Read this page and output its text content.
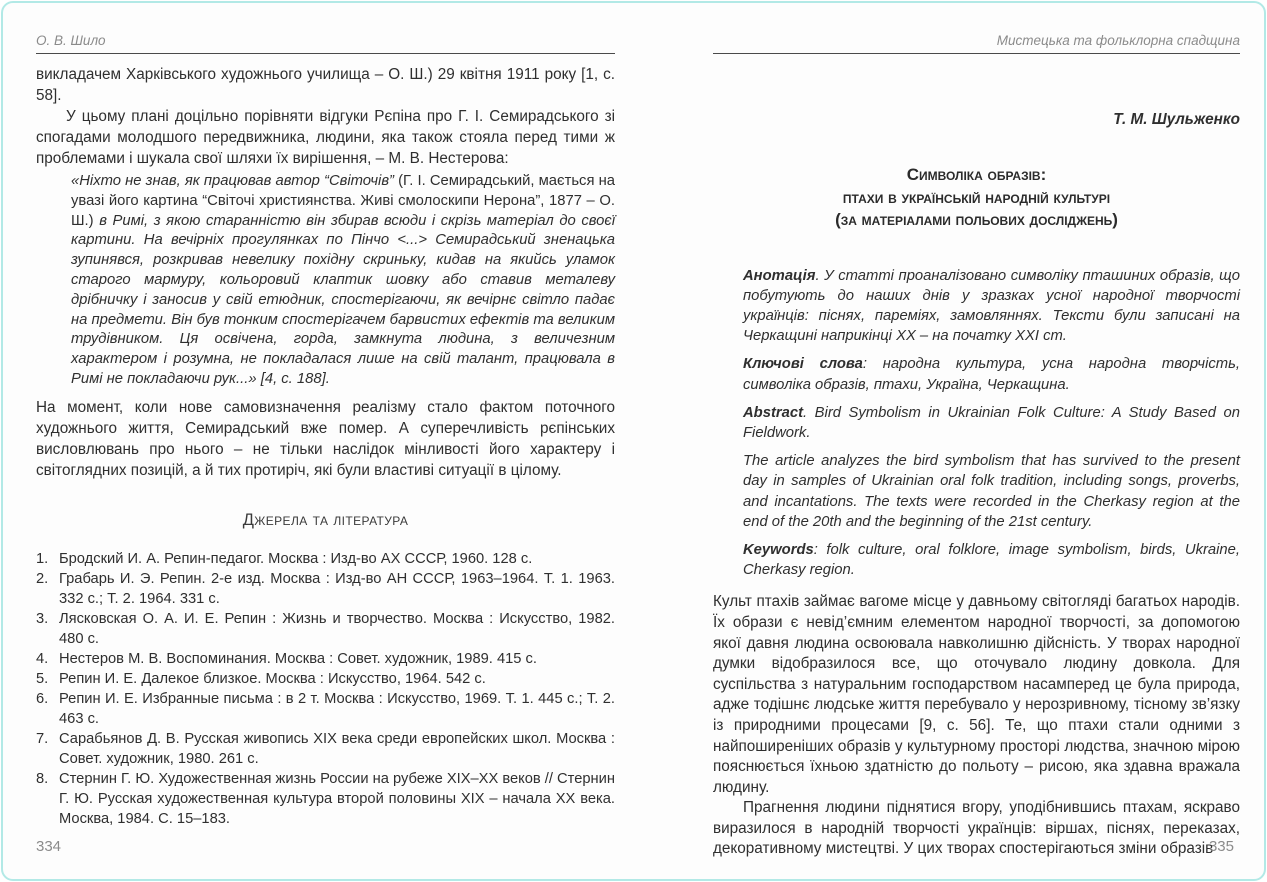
О. В. Шило

викладачем Харківського художнього училища – О. Ш.) 29 квітня 1911 року [1, с. 58].

У цьому плані доцільно порівняти відгуки Рєпіна про Г. І. Семирадського зі спогадами молодшого передвижника, людини, яка також стояла перед тими ж проблемами і шукала свої шляхи їх вирішення, – М. В. Нестерова:

«Ніхто не знав, як працював автор “Світочів” (Г. І. Семирадський, мається на увазі його картина “Світочі християнства. Живі смолоскипи Нерона”, 1877 – О. Ш.) в Римі, з якою старанністю він збирав всюди і скрізь матеріал до своєї картини. На вечірніх прогулянках по Пінчо <...> Семирадський зненацька зупинявся, розкривав невелику похідну скриньку, кидав на якийсь уламок старого мармуру, кольоровий клаптик шовку або ставив металеву дрібничку і заносив у свій етюдник, спостерігаючи, як вечірнє світло падає на предмети. Він був тонким спостерігачем барвистих ефектів та великим трудівником. Ця освічена, горда, замкнута людина, з величезним характером і розумна, не покладалася лише на свій талант, працювала в Римі не покладаючи рук...» [4, с. 188].

На момент, коли нове самовизначення реалізму стало фактом поточного художнього життя, Семирадський вже помер. А суперечливість рєпінських висловлювань про нього – не тільки наслідок мінливості його характеру і світоглядних позицій, а й тих протиріч, які були властиві ситуації в цілому.

Джерела та література
1. Бродский И. А. Репин-педагог. Москва : Изд-во АХ СССР, 1960. 128 с.
2. Грабарь И. Э. Репин. 2-е изд. Москва : Изд-во АН СССР, 1963–1964. Т. 1. 1963. 332 с.; Т. 2. 1964. 331 с.
3. Лясковская О. А. И. Е. Репин : Жизнь и творчество. Москва : Искусство, 1982. 480 с.
4. Нестеров М. В. Воспоминания. Москва : Совет. художник, 1989. 415 с.
5. Репин И. Е. Далекое близкое. Москва : Искусство, 1964. 542 с.
6. Репин И. Е. Избранные письма : в 2 т. Москва : Искусство, 1969. Т. 1. 445 с.; Т. 2. 463 с.
7. Сарабьянов Д. В. Русская живопись XIX века среди европейских школ. Москва : Совет. художник, 1980. 261 с.
8. Стернин Г. Ю. Художественная жизнь России на рубеже XIX–XX веков // Стернин Г. Ю. Русская художественная культура второй половины XIX – начала XX века. Москва, 1984. С. 15–183.
Мистецька та фольклорна спадщина
Т. М. Шульженко
Символіка образів:
птахи в українській народній культурі
(за матеріалами польових досліджень)

Анотація. У статті проаналізовано символіку пташиних образів, що побутують до наших днів у зразках усної народної творчості українців: піснях, пареміях, замовляннях. Тексти були записані на Черкащині наприкінці ХХ – на початку ХХІ ст.

Ключові слова: народна культура, усна народна творчість, символіка образів, птахи, Україна, Черкащина.

Abstract. Bird Symbolism in Ukrainian Folk Culture: A Study Based on Fieldwork.

The article analyzes the bird symbolism that has survived to the present day in samples of Ukrainian oral folk tradition, including songs, proverbs, and incantations. The texts were recorded in the Cherkasy region at the end of the 20th and the beginning of the 21st century.

Keywords: folk culture, oral folklore, image symbolism, birds, Ukraine, Cherkasy region.

Культ птахів займає вагоме місце у давньому світогляді багатьох народів. Їх образи є невід’ємним елементом народної творчості, за допомогою якої давня людина освоювала навколишню дійсність. У творах народної думки відобразилося все, що оточувало людину довкола. Для суспільства з натуральним господарством насамперед це була природа, адже тодішнє людське життя перебувало у нерозривному, тісному зв’язку із природними процесами [9, с. 56]. Те, що птахи стали одними з найпоширеніших образів у культурному просторі людства, значною мірою пояснюється їхньою здатністю до польоту – рисою, яка здавна вражала людину.

Прагнення людини піднятися вгору, уподібнившись птахам, яскраво виразилося в народній творчості українців: віршах, піснях, переказах, декоративному мистецтві. У цих творах спостерігаються зміни образів

334	335
